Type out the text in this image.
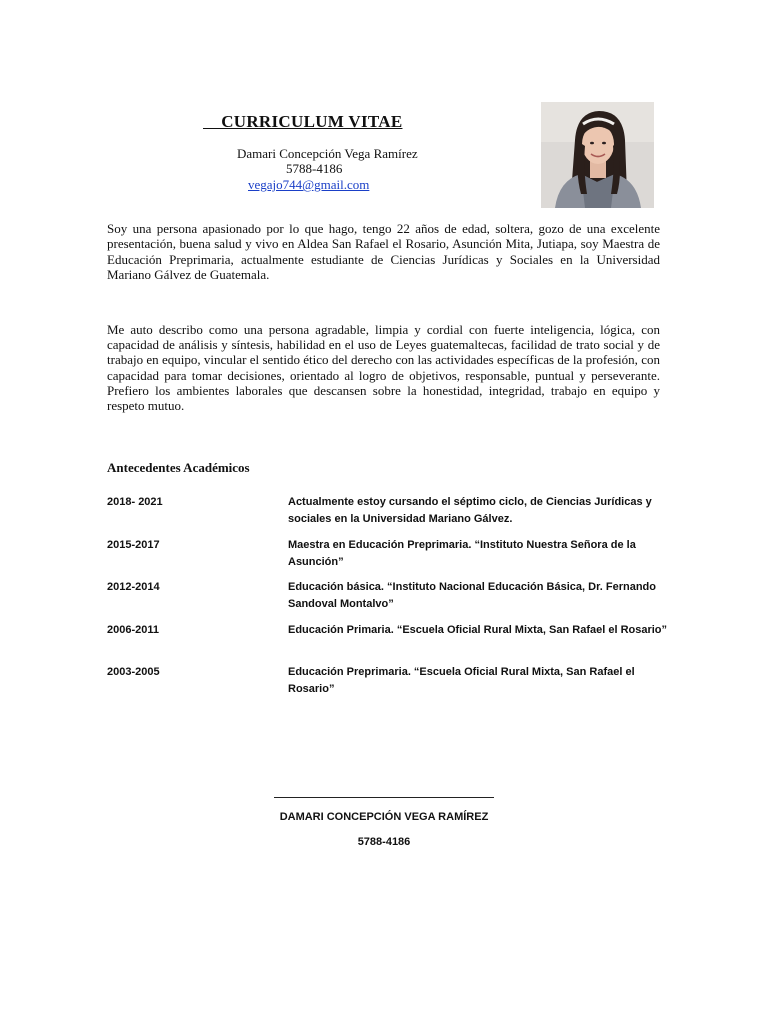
CURRICULUM VITAE
Damari Concepción Vega Ramírez
5788-4186
vegajo744@gmail.com

Soy una persona apasionado por lo que hago, tengo 22 años de edad, soltera, gozo de una excelente presentación, buena salud y vivo en Aldea San Rafael el Rosario, Asunción Mita, Jutiapa, soy Maestra de Educación Preprimaria, actualmente estudiante de Ciencias Jurídicas y Sociales en la Universidad Mariano Gálvez de Guatemala.

Me auto describo como una persona agradable, limpia y cordial con fuerte inteligencia, lógica, con capacidad de análisis y síntesis, habilidad en el uso de Leyes guatemaltecas, facilidad de trato social y de trabajo en equipo, vincular el sentido ético del derecho con las actividades específicas de la profesión, con capacidad para tomar decisiones, orientado al logro de objetivos, responsable, puntual y perseverante. Prefiero los ambientes laborales que descansen sobre la honestidad, integridad, trabajo en equipo y respeto mutuo.

Antecedentes Académicos
2018- 2021	Actualmente estoy cursando el séptimo ciclo, de Ciencias Jurídicas y sociales en la Universidad Mariano Gálvez.
2015-2017	Maestra en Educación Preprimaria. “Instituto Nuestra Señora de la Asunción”
2012-2014	Educación básica. “Instituto Nacional Educación Básica, Dr. Fernando Sandoval Montalvo”
2006-2011	Educación Primaria. “Escuela Oficial Rural Mixta, San Rafael el Rosario”
2003-2005	Educación Preprimaria. “Escuela Oficial Rural Mixta, San Rafael el Rosario”
DAMARI CONCEPCIÓN VEGA RAMÍREZ
5788-4186
